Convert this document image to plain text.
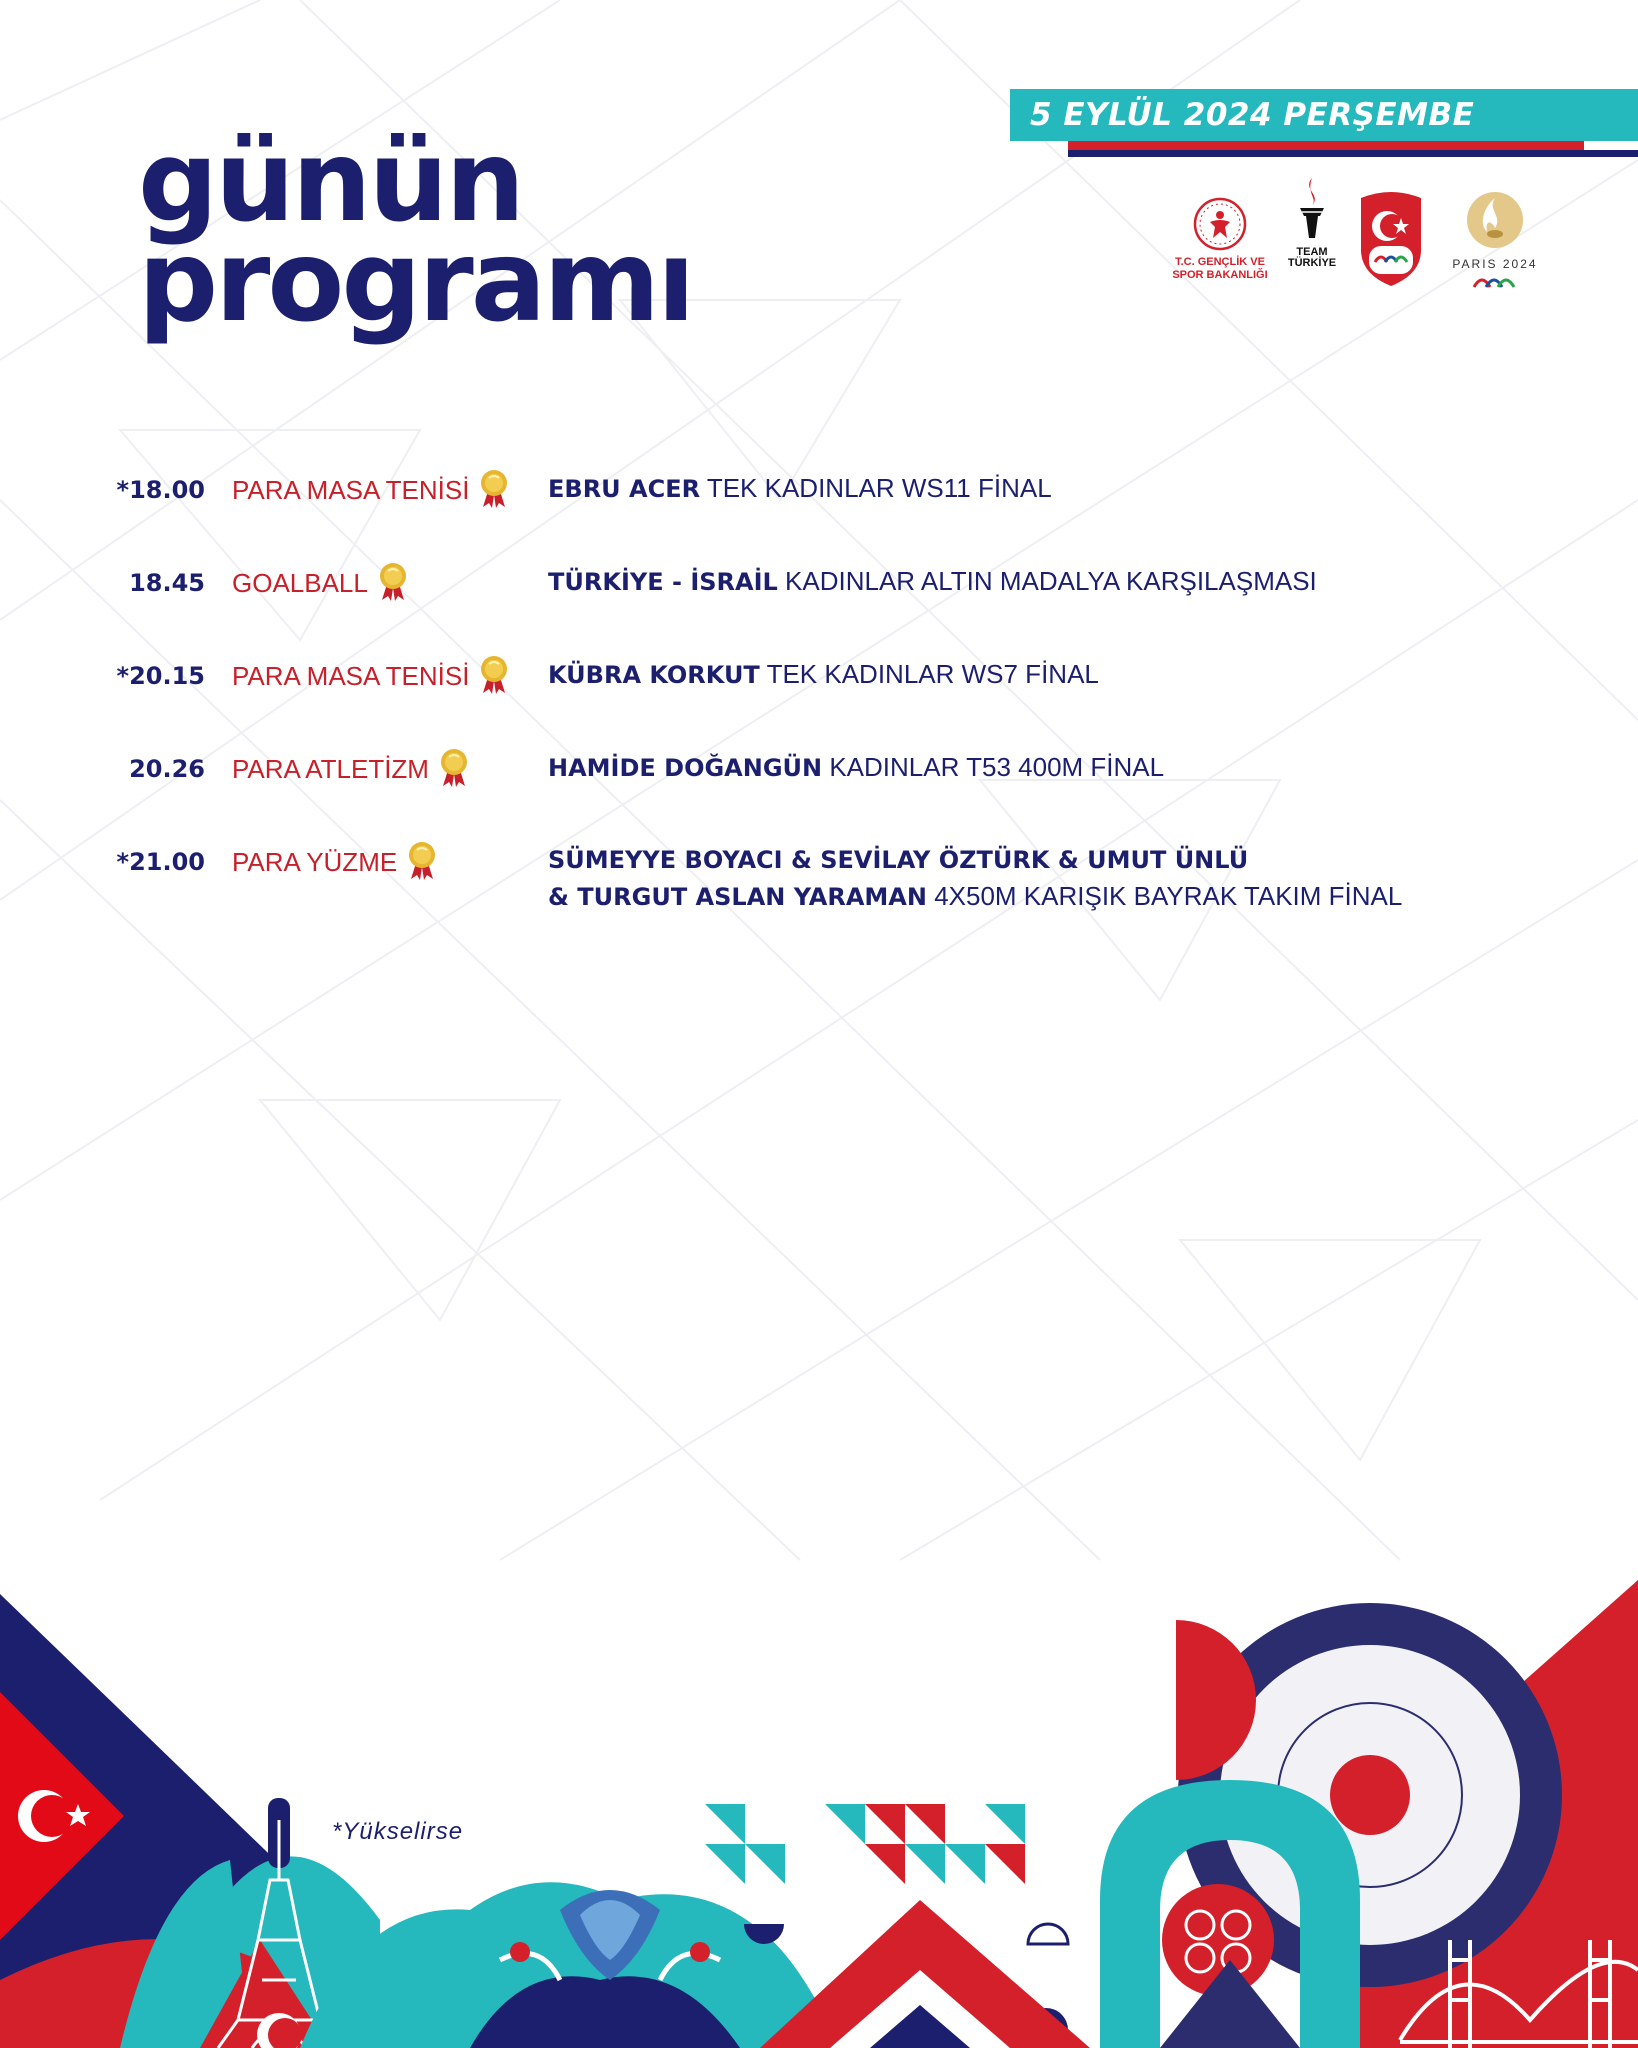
5 EYLÜL 2024 PERŞEMBE
günün
programı	T.C. GENÇLİK VE
SPOR BAKANLIĞI
TEAM
TÜRKİYE	PARIS 2024
*18.00 PARA MASA TENİSİ	EBRU ACER TEK KADINLAR WS11 FİNAL
18.45 GOALBALL	TÜRKİYE - İSRAİL KADINLAR ALTIN MADALYA KARŞILAŞMASI
*20.15 PARA MASA TENİSİ	KÜBRA KORKUT TEK KADINLAR WS7 FİNAL
20.26 PARA ATLETİZM	HAMİDE DOĞANGÜN KADINLAR T53 400M FİNAL
*21.00 PARA YÜZME	SÜMEYYE BOYACI & SEVİLAY ÖZTÜRK & UMUT ÜNLÜ
& TURGUT ASLAN YARAMAN 4X50M KARIŞIK BAYRAK TAKIM FİNAL
*Yükselirse
